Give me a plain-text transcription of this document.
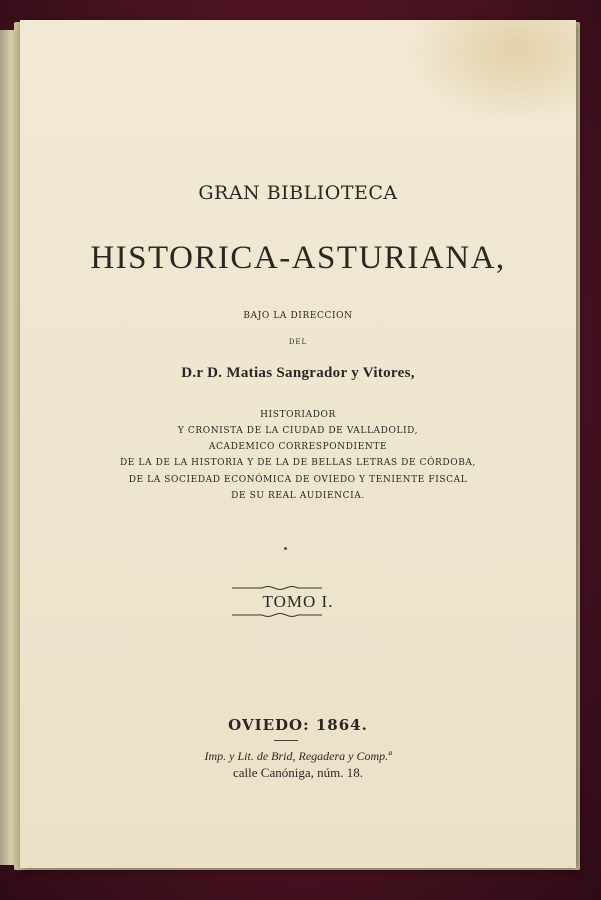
GRAN BIBLIOTECA
HISTORICA-ASTURIANA,
BAJO LA DIRECCION
DEL
D.r D. Matias Sangrador y Vitores,
HISTORIADOR
Y CRONISTA DE LA CIUDAD DE VALLADOLID,
ACADEMICO CORRESPONDIENTE
DE LA DE LA HISTORIA Y DE LA DE BELLAS LETRAS DE CÓRDOBA,
DE LA SOCIEDAD ECONÓMICA DE OVIEDO Y TENIENTE FISCAL
DE SU REAL AUDIENCIA.
TOMO I.
OVIEDO: 1864.
Imp. y Lit. de Brid, Regadera y Comp.ª
calle Canóniga, núm. 18.
